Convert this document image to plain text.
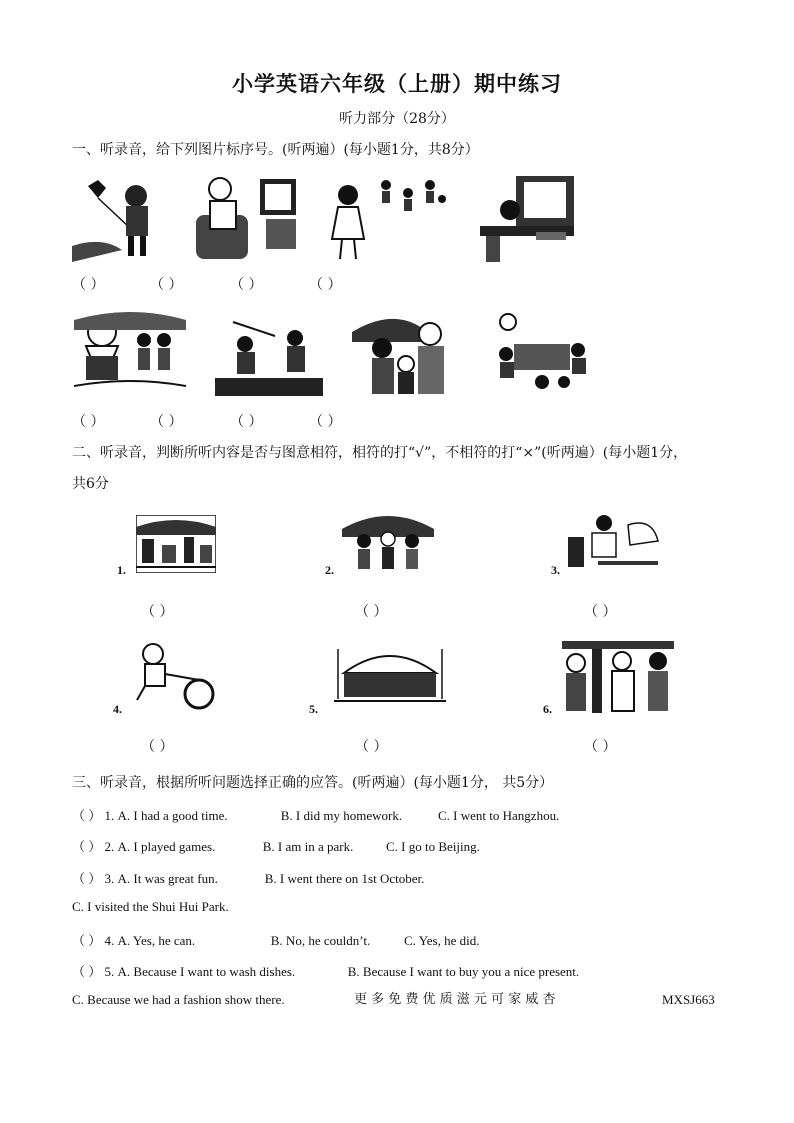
小学英语六年级（上册）期中练习
听力部分（28分）
一、听录音，给下列图片标序号。(听两遍）(每小题1分，共8分）
（ ）	（ ）	（ ）	（ ）
（ ）	（ ）	（ ）	（ ）
二、听录音，判断所听内容是否与图意相符，相符的打“√”，不相符的打“×”(听两遍）(每小题1分，
共6分
1.	2.	3.
（ ）	（ ）	（ ）
4.	5.	6.
（ ）	（ ）	（ ）
三、听录音，根据所听问题选择正确的应答。(听两遍）(每小题1分， 共5分）
（ ） 1. A. I had a good time.	B. I did my homework.	C. I went to Hangzhou.
（ ） 2. A. I played games.	B. I am in a park.	C. I go to Beijing.
（ ） 3. A. It was great fun.	B. I went there on 1st October.
C. I visited the Shui Hui Park.
（ ） 4. A. Yes, he can.	B. No, he couldn’t.	C. Yes, he did.
（ ） 5. A. Because I want to wash dishes.	B. Because I want to buy you a nice present.
C. Because we had a fashion show there.	更 多 免 费 优 质 滋 元 可 家 威 杏	MXSJ663
